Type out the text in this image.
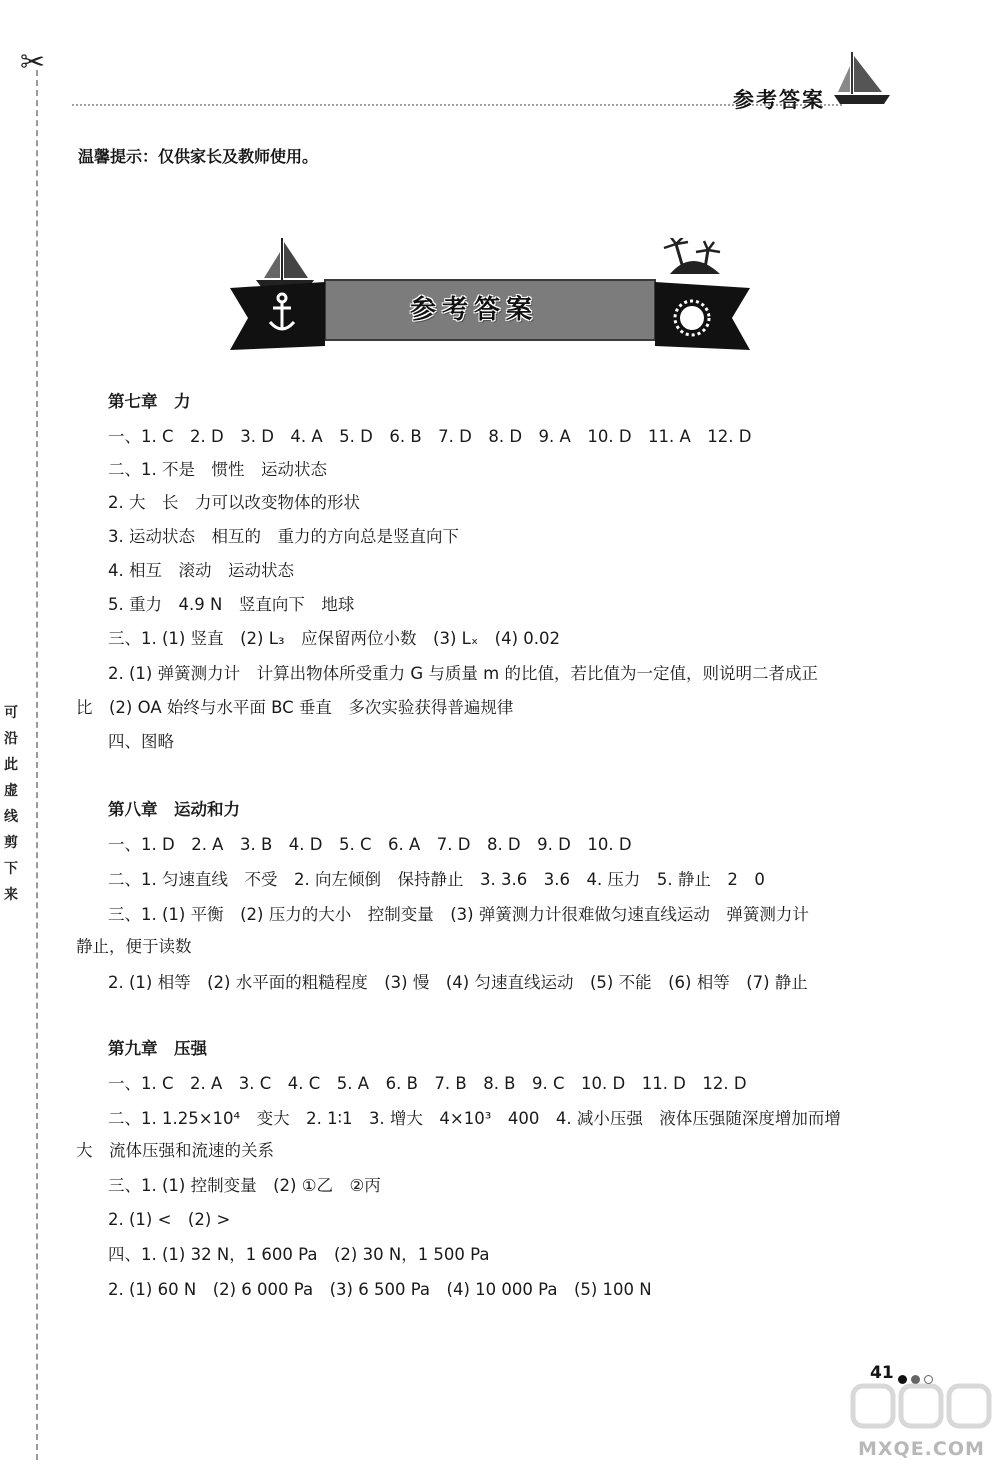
✂
可
沿
此
虚
线
剪
下
来
参考答案
温馨提示：仅供家长及教师使用。
参考答案
第七章　力
一、1. C　2. D　3. D　4. A　5. D　6. B　7. D　8. D　9. A　10. D　11. A　12. D
二、1. 不是　惯性　运动状态
2. 大　长　力可以改变物体的形状
3. 运动状态　相互的　重力的方向总是竖直向下
4. 相互　滚动　运动状态
5. 重力　4.9 N　竖直向下　地球
三、1. (1) 竖直　(2) L₃　应保留两位小数　(3) Lₓ　(4) 0.02
2. (1) 弹簧测力计　计算出物体所受重力 G 与质量 m 的比值，若比值为一定值，则说明二者成正
比　(2) OA 始终与水平面 BC 垂直　多次实验获得普遍规律
四、图略
第八章　运动和力
一、1. D　2. A　3. B　4. D　5. C　6. A　7. D　8. D　9. D　10. D
二、1. 匀速直线　不受　2. 向左倾倒　保持静止　3. 3.6　3.6　4. 压力　5. 静止　2　0
三、1. (1) 平衡　(2) 压力的大小　控制变量　(3) 弹簧测力计很难做匀速直线运动　弹簧测力计
静止，便于读数
2. (1) 相等　(2) 水平面的粗糙程度　(3) 慢　(4) 匀速直线运动　(5) 不能　(6) 相等　(7) 静止
第九章　压强
一、1. C　2. A　3. C　4. C　5. A　6. B　7. B　8. B　9. C　10. D　11. D　12. D
二、1. 1.25×10⁴　变大　2. 1∶1　3. 增大　4×10³　400　4. 减小压强　液体压强随深度增加而增
大　流体压强和流速的关系
三、1. (1) 控制变量　(2) ①乙　②丙
2. (1) <　(2) >
四、1. (1) 32 N，1 600 Pa　(2) 30 N，1 500 Pa
2. (1) 60 N　(2) 6 000 Pa　(3) 6 500 Pa　(4) 10 000 Pa　(5) 100 N
41
MXQE.COM
